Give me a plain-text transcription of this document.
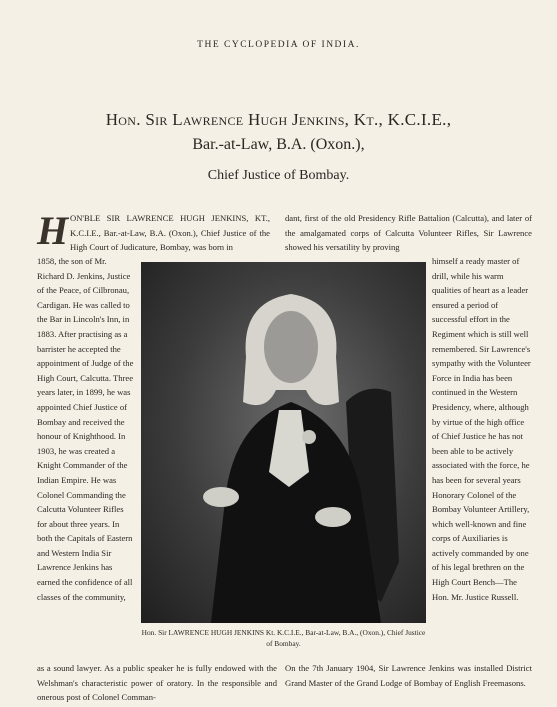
THE CYCLOPEDIA OF INDIA.
Hon. Sir Lawrence Hugh Jenkins, Kt., K.C.I.E.,
Bar.-at-Law, B.A. (Oxon.),
Chief Justice of Bombay.
H ON'BLE SIR LAWRENCE HUGH JENKINS, KT., K.C.I.E., Bar.-at-Law, B.A. (Oxon.), Chief Justice of the High Court of Judicature, Bombay, was born in
1858, the son of Mr. Richard D. Jenkins, Justice of the Peace, of Cilbronau, Cardigan. He was called to the Bar in Lincoln's Inn, in 1883. After practising as a barrister he accepted the appointment of Judge of the High Court, Calcutta. Three years later, in 1899, he was appointed Chief Justice of Bombay and received the honour of Knighthood. In 1903, he was created a Knight Commander of the Indian Empire. He was Colonel Commanding the Calcutta Volunteer Rifles for about three years. In both the Capitals of Eastern and Western India Sir Lawrence Jenkins has earned the confidence of all classes of the community,
dant, first of the old Presidency Rifle Battalion (Calcutta), and later of the amalgamated corps of Calcutta Volunteer Rifles, Sir Lawrence showed his versatility by proving
himself a ready master of drill, while his warm qualities of heart as a leader ensured a period of successful effort in the Regiment which is still well remembered. Sir Lawrence's sympathy with the Volunteer Force in India has been continued in the Western Presidency, where, although by virtue of the high office of Chief Justice he has not been able to be actively associated with the force, he has been for several years Honorary Colonel of the Bombay Volunteer Artillery, which well-known and fine corps of Auxiliaries is actively commanded by one of his legal brethren on the High Court Bench—The Hon. Mr. Justice Russell.
Hon. Sir LAWRENCE HUGH JENKINS Kt. K.C.I.E., Bar-at-Law, B.A., (Oxon.), Chief Justice of Bombay.
as a sound lawyer. As a public speaker he is fully endowed with the Welshman's characteristic power of oratory. In the responsible and onerous post of Colonel Comman-
On the 7th January 1904, Sir Lawrence Jenkins was installed District Grand Master of the Grand Lodge of Bombay of English Freemasons.
